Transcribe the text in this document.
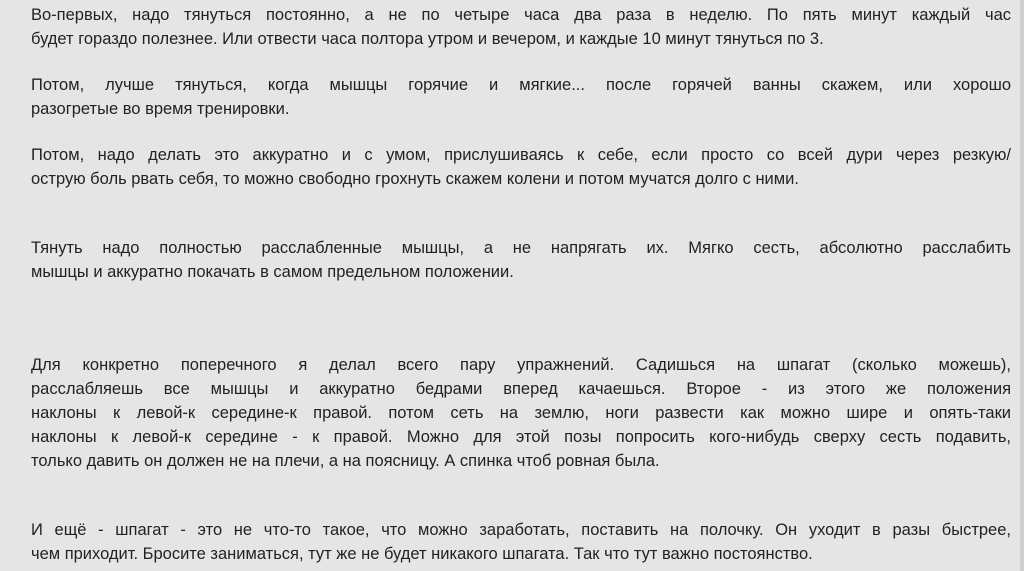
Во-первых, надо тянуться постоянно, а не по четыре часа два раза в неделю. По пять минут каждый час
будет гораздо полезнее. Или отвести часа полтора утром и вечером, и каждые 10 минут тянуться по 3.
Потом, лучше тянуться, когда мышцы горячие и мягкие... после горячей ванны скажем, или хорошо
разогретые во время тренировки.
Потом, надо делать это аккуратно и с умом, прислушиваясь к себе, если просто со всей дури через резкую/
острую боль рвать себя, то можно свободно грохнуть скажем колени и потом мучатся долго с ними.
Тянуть надо полностью расслабленные мышцы, а не напрягать их. Мягко сесть, абсолютно расслабить
мышцы и аккуратно покачать в самом предельном положении.
Для конкретно поперечного я делал всего пару упражнений. Садишься на шпагат (сколько можешь),
расслабляешь все мышцы и аккуратно бедрами вперед качаешься. Второе - из этого же положения
наклоны к левой-к середине-к правой. потом сеть на землю, ноги развести как можно шире и опять-таки
наклоны к левой-к середине - к правой. Можно для этой позы попросить кого-нибудь сверху сесть подавить,
только давить он должен не на плечи, а на поясницу. А спинка чтоб ровная была.
И ещё - шпагат - это не что-то такое, что можно заработать, поставить на полочку. Он уходит в разы быстрее,
чем приходит. Бросите заниматься, тут же не будет никакого шпагата. Так что тут важно постоянство.
